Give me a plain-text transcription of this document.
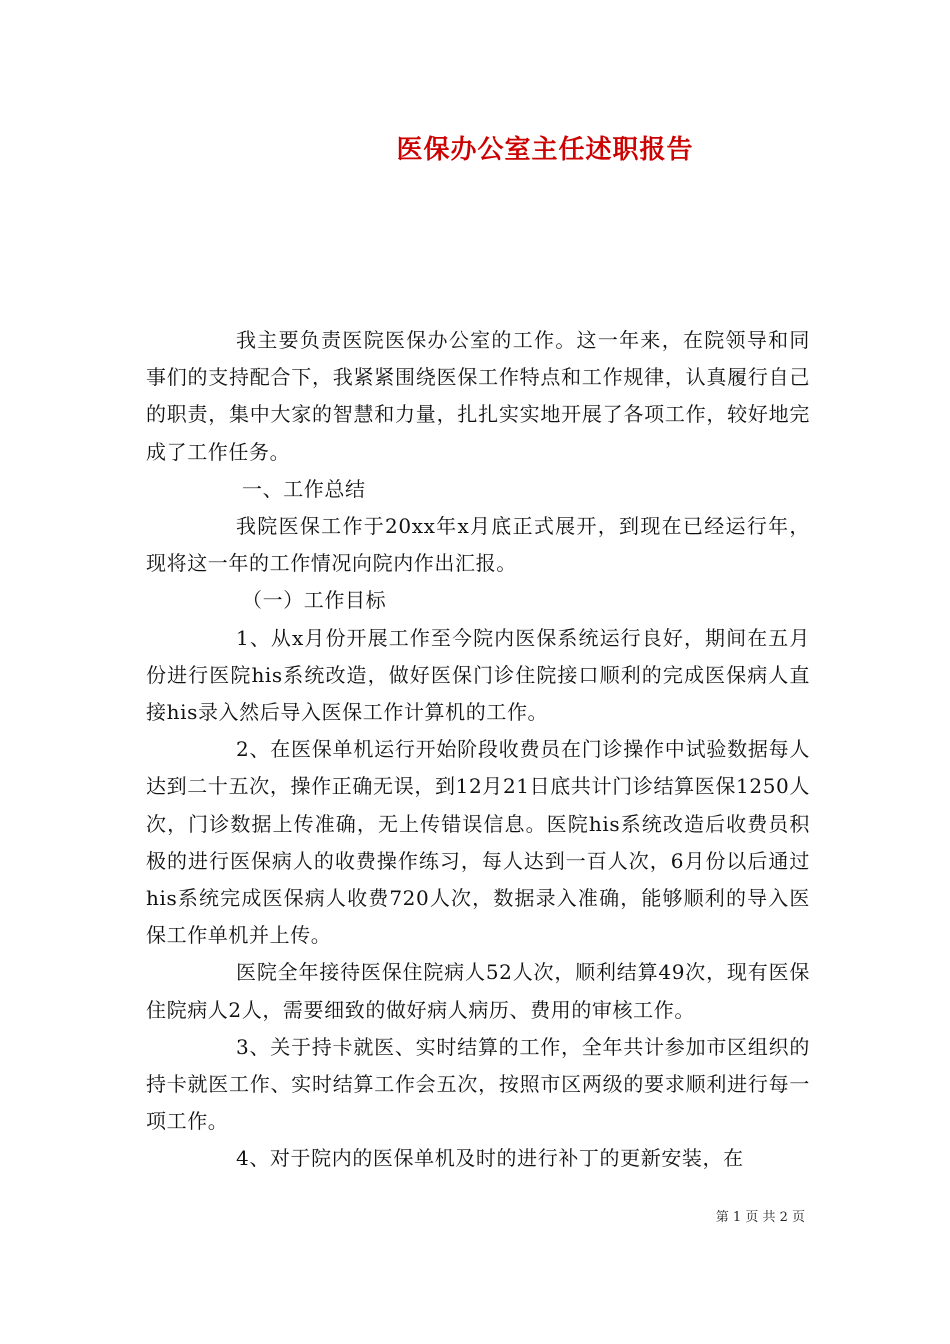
医保办公室主任述职报告

我主要负责医院医保办公室的工作。这一年来，在院领导和同事们的支持配合下，我紧紧围绕医保工作特点和工作规律，认真履行自己的职责，集中大家的智慧和力量，扎扎实实地开展了各项工作，较好地完成了工作任务。

一、工作总结

我院医保工作于20xx年x月底正式展开，到现在已经运行年，现将这一年的工作情况向院内作出汇报。

（一）工作目标

1、从x月份开展工作至今院内医保系统运行良好，期间在五月份进行医院his系统改造，做好医保门诊住院接口顺利的完成医保病人直接his录入然后导入医保工作计算机的工作。

2、在医保单机运行开始阶段收费员在门诊操作中试验数据每人达到二十五次，操作正确无误，到12月21日底共计门诊结算医保1250人次，门诊数据上传准确，无上传错误信息。医院his系统改造后收费员积极的进行医保病人的收费操作练习，每人达到一百人次，6月份以后通过his系统完成医保病人收费720人次，数据录入准确，能够顺利的导入医保工作单机并上传。

医院全年接待医保住院病人52人次，顺利结算49次，现有医保住院病人2人，需要细致的做好病人病历、费用的审核工作。

3、关于持卡就医、实时结算的工作，全年共计参加市区组织的持卡就医工作、实时结算工作会五次，按照市区两级的要求顺利进行每一项工作。

4、对于院内的医保单机及时的进行补丁的更新安装，在

第 1 页 共 2 页
